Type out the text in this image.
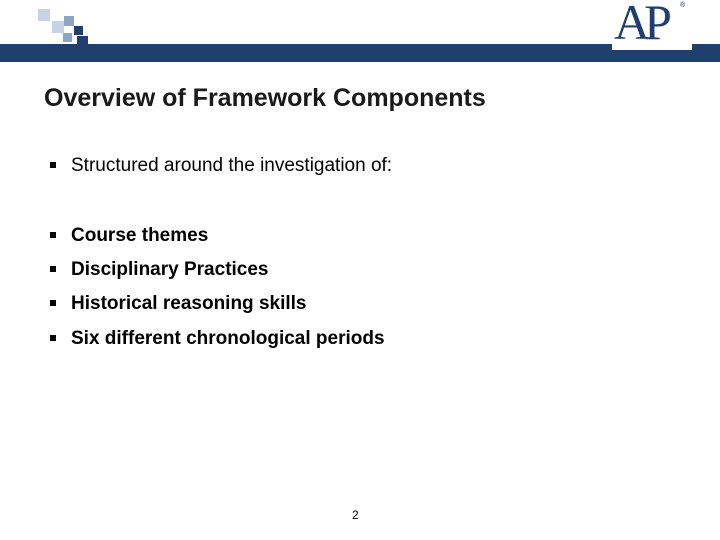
AP ®
Overview of Framework Components
Structured around the investigation of:
Course themes
Disciplinary Practices
Historical reasoning skills
Six different chronological periods
2
